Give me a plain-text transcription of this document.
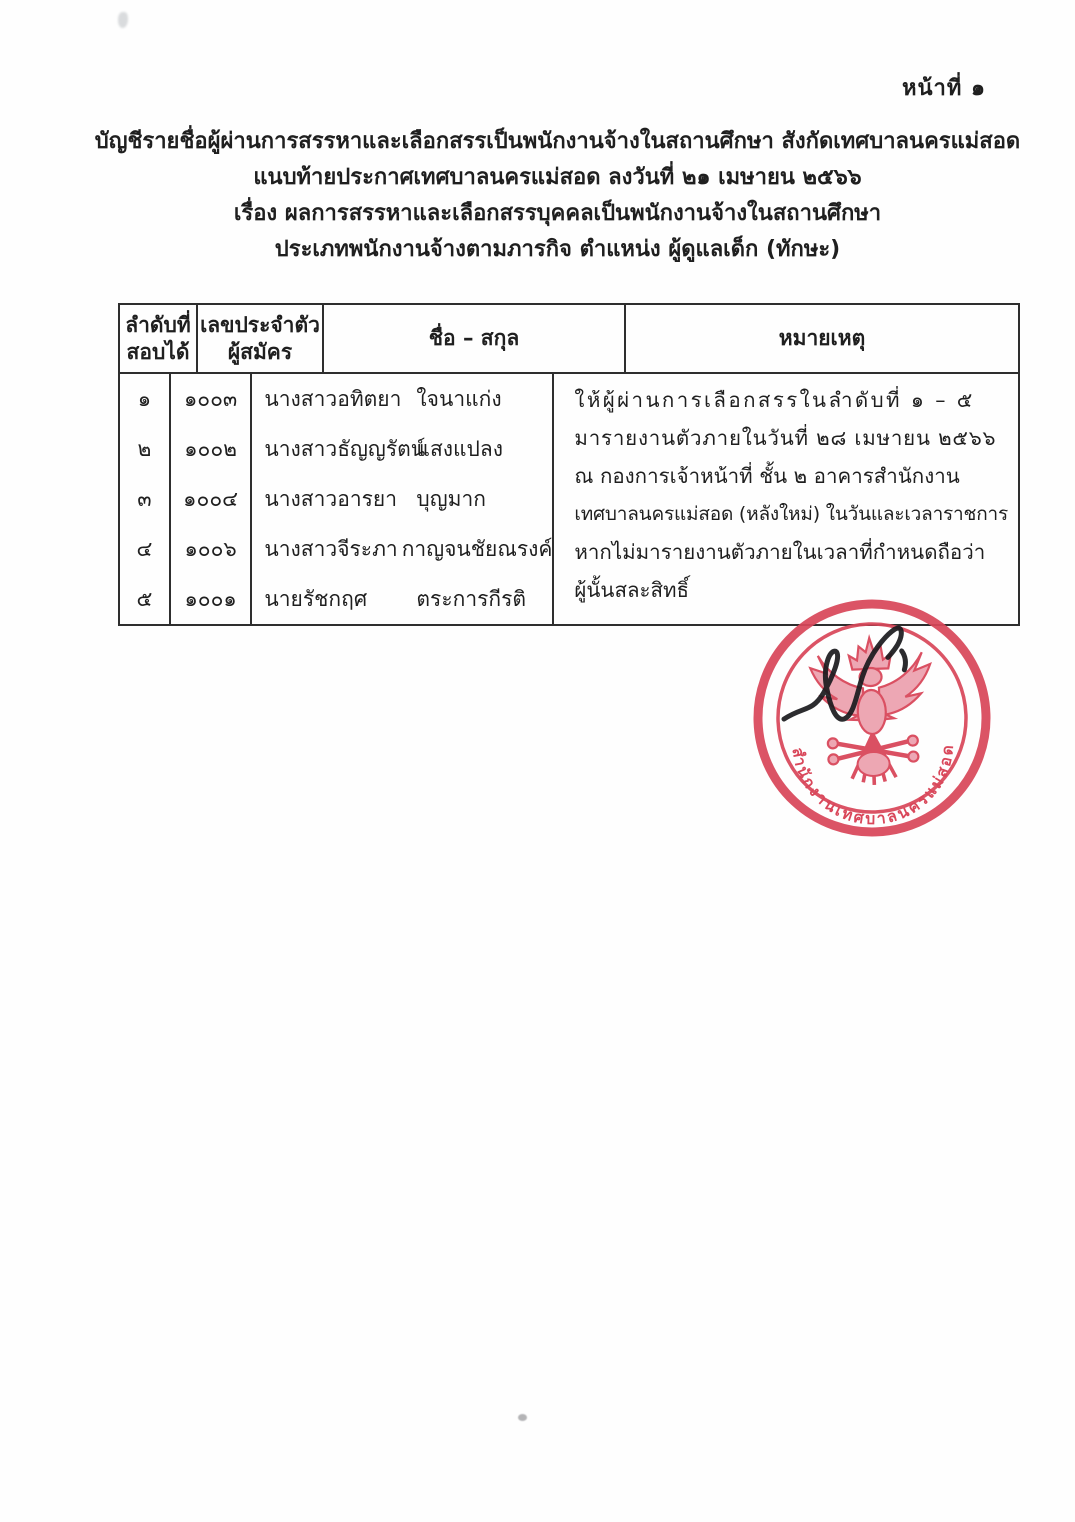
หน้าที่ ๑
บัญชีรายชื่อผู้ผ่านการสรรหาและเลือกสรรเป็นพนักงานจ้างในสถานศึกษา สังกัดเทศบาลนครแม่สอด
แนบท้ายประกาศเทศบาลนครแม่สอด ลงวันที่ ๒๑ เมษายน ๒๕๖๖
เรื่อง ผลการสรรหาและเลือกสรรบุคคลเป็นพนักงานจ้างในสถานศึกษา
ประเภทพนักงานจ้างตามภารกิจ ตำแหน่ง ผู้ดูแลเด็ก (ทักษะ)
ลำดับที่
สอบได้
เลขประจำตัว
ผู้สมัคร
ชื่อ – สกุล	หมายเหตุ
๑
๒
๓
๔
๕
๑๐๐๓
๑๐๐๒
๑๐๐๔
๑๐๐๖
๑๐๐๑
นางสาวอทิตยา ใจนาแก่ง
นางสาวธัญญรัตน์
แสงแปลง
นางสาวอารยา บุญมาก
นางสาวจีระภา กาญจนชัยณรงค์
นายรัชกฤศ	ตระการกีรติ
ให้ผู้ผ่านการเลือกสรรในลำดับที่ ๑ – ๕
มารายงานตัวภายในวันที่ ๒๘ เมษายน ๒๕๖๖
ณ กองการเจ้าหน้าที่ ชั้น ๒ อาคารสำนักงาน
เทศบาลนครแม่สอด (หลังใหม่) ในวันและเวลาราชการ
หากไม่มารายงานตัวภายในเวลาที่กำหนดถือว่า
ผู้นั้นสละสิทธิ์
สำนักงานเทศบาลนครแม่สอด
